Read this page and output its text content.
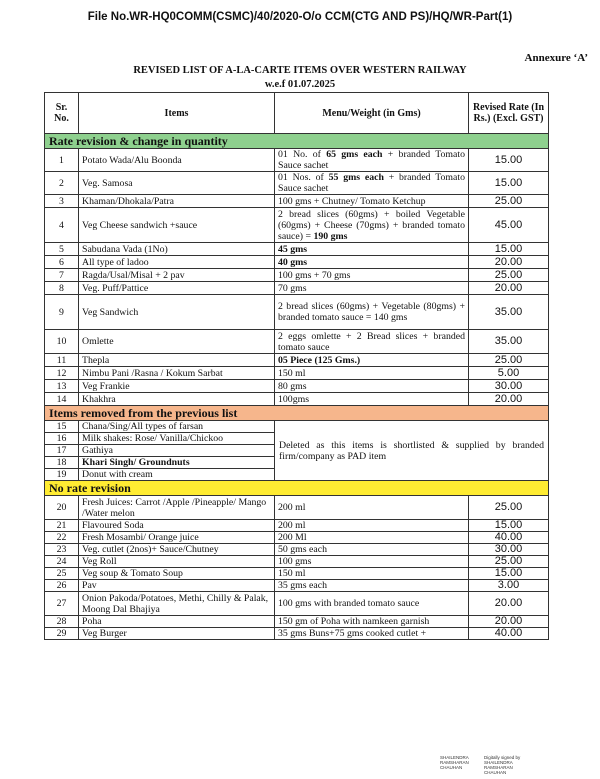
File No.WR-HQ0COMM(CSMC)/40/2020-O/o CCM(CTG AND PS)/HQ/WR-Part(1)
Annexure ‘A’
REVISED LIST OF A-LA-CARTE ITEMS OVER WESTERN RAILWAY
w.e.f 01.07.2025
Sr. No.	Items	Menu/Weight (in Gms)	Revised Rate (In Rs.) (Excl. GST)
Rate revision & change in quantity			
1	Potato Wada/Alu Boonda	01 No. of 65 gms each + branded Tomato Sauce sachet	15.00
2	Veg. Samosa	01 Nos. of 55 gms each + branded Tomato Sauce sachet	15.00
3	Khaman/Dhokala/Patra	100 gms + Chutney/ Tomato Ketchup	25.00
4	Veg Cheese sandwich +sauce	2 bread slices (60gms) + boiled Vegetable (60gms) + Cheese (70gms) + branded tomato sauce) = 190 gms	45.00
5	Sabudana Vada (1No)	45 gms	15.00
6	All type of ladoo	40 gms	20.00
7	Ragda/Usal/Misal + 2 pav	100 gms + 70 gms	25.00
8	Veg. Puff/Pattice	70 gms	20.00
9	Veg Sandwich	2 bread slices (60gms) + Vegetable (80gms) + branded tomato sauce = 140 gms	35.00
10	Omlette	2 eggs omlette + 2 Bread slices + branded tomato sauce	35.00
11	Thepla	05 Piece (125 Gms.)	25.00
12	Nimbu Pani /Rasna / Kokum Sarbat	150 ml	5.00
13	Veg Frankie	80 gms	30.00
14	Khakhra	100gms	20.00
Items removed from the previous list			
15	Chana/Sing/All types of farsan	Deleted as this items is shortlisted & supplied by branded firm/company as PAD item	
16	Milk shakes: Rose/ Vanilla/Chickoo		
17	Gathiya		
18	Khari Singh/ Groundnuts		
19	Donut with cream		
No rate revision			
20	Fresh Juices: Carrot /Apple /Pineapple/ Mango /Water melon	200 ml	25.00
21	Flavoured Soda	200 ml	15.00
22	Fresh Mosambi/ Orange juice	200 Ml	40.00
23	Veg. cutlet (2nos)+ Sauce/Chutney	50 gms each	30.00
24	Veg Roll	100 gms	25.00
25	Veg soup & Tomato Soup	150 ml	15.00
26	Pav	35 gms each	3.00
27	Onion Pakoda/Potatoes, Methi, Chilly & Palak, Moong Dal Bhajiya	100 gms with branded tomato sauce	20.00
28	Poha	150 gm of Poha with namkeen garnish	20.00
29	Veg Burger	35 gms Buns+75 gms cooked cutlet +	40.00
SHAILENDRA RAMSHARAN CHAUHAN
Digitally signed by SHAILENDRA RAMSHARAN CHAUHAN
